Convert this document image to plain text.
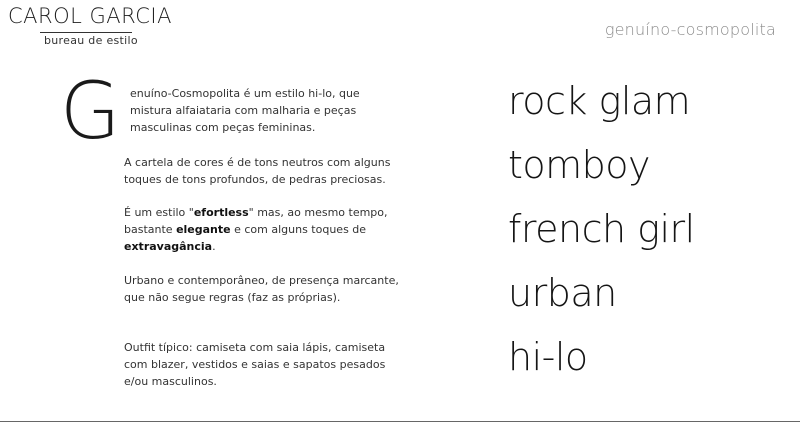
CAROL GARCIA
bureau de estilo
genuíno-cosmopolita
G enuíno-Cosmopolita é um estilo hi-lo, que mistura alfaiataria com malharia e peças masculinas com peças femininas.

A cartela de cores é de tons neutros com alguns toques de tons profundos, de pedras preciosas.

É um estilo "efortless" mas, ao mesmo tempo, bastante elegante e com alguns toques de extravagância.

Urbano e contemporâneo, de presença marcante, que não segue regras (faz as próprias).

Outfit típico: camiseta com saia lápis, camiseta com blazer, vestidos e saias e sapatos pesados e/ou masculinos.

rock glam
tomboy
french girl
urban
hi-lo
